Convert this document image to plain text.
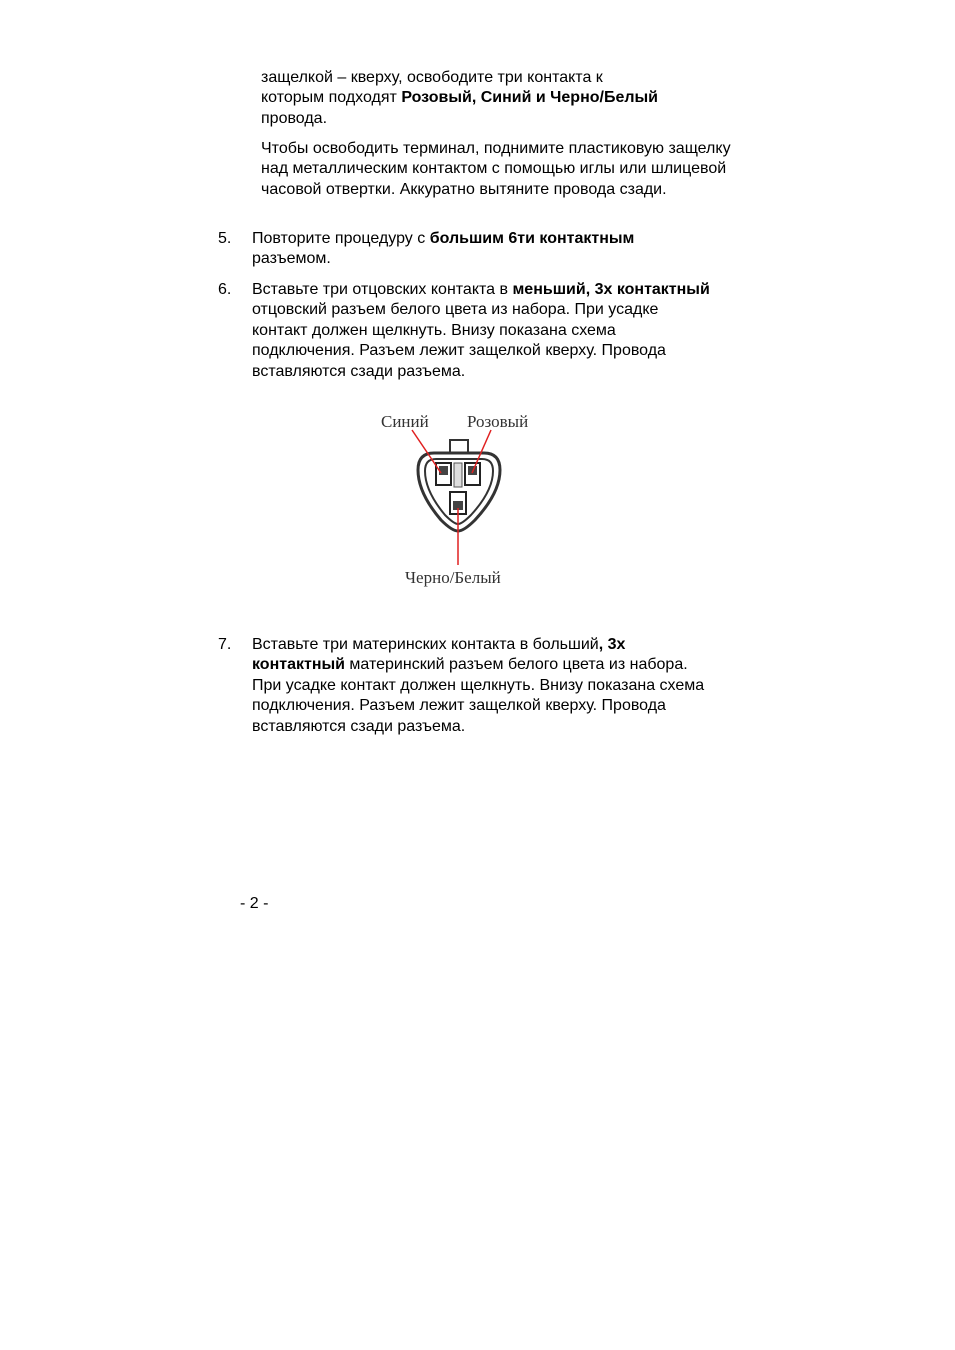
защелкой – кверху, освободите три контакта к
которым подходят Розовый, Синий и Черно/Белый
провода.

Чтобы освободить терминал, поднимите пластиковую защелку над металлическим контактом с помощью иглы или шлицевой часовой отвертки. Аккуратно вытяните провода сзади.

5.	Повторите процедуру с большим 6ти контактным разъемом.
6.	Вставьте три отцовских контакта в меньший, 3х контактный отцовский разъем белого цвета из набора. При усадке контакт должен щелкнуть. Внизу показана схема подключения. Разъем лежит защелкой кверху. Провода вставляются сзади разъема.
Синий Розовый
Черно/Белый
7.	Вставьте три материнских контакта в больший, 3х контактный материнский разъем белого цвета из набора. При усадке контакт должен щелкнуть. Внизу показана схема подключения. Разъем лежит защелкой кверху. Провода вставляются сзади разъема.
- 2 -
